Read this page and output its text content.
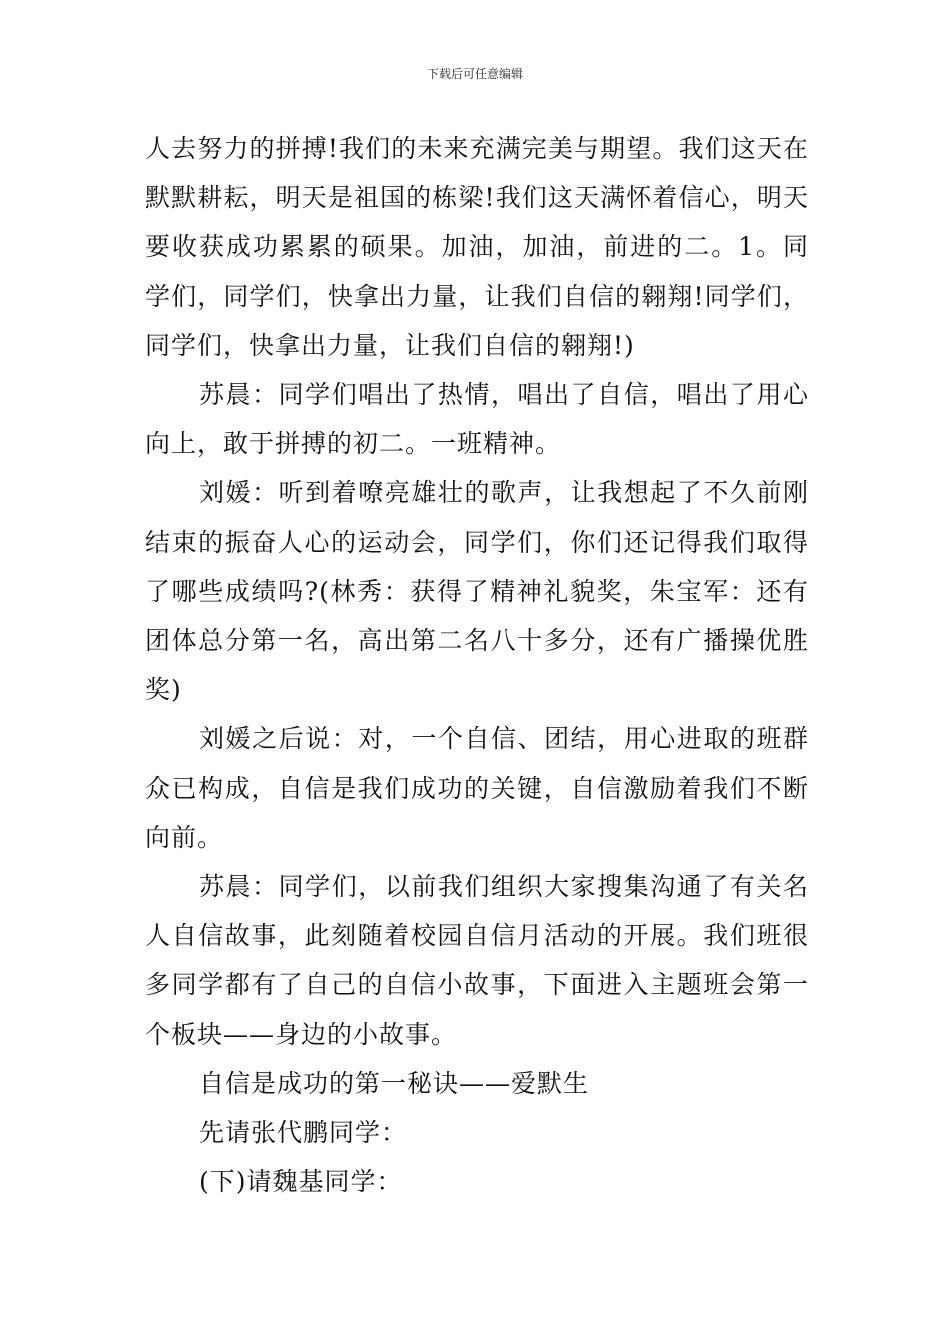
下载后可任意编辑

人去努力的拼搏!我们的未来充满完美与期望。我们这天在默默耕耘，明天是祖国的栋梁!我们这天满怀着信心，明天要收获成功累累的硕果。加油，加油，前进的二。1。同学们，同学们，快拿出力量，让我们自信的翱翔!同学们，同学们，快拿出力量，让我们自信的翱翔!)

苏晨：同学们唱出了热情，唱出了自信，唱出了用心向上，敢于拼搏的初二。一班精神。

刘媛：听到着嘹亮雄壮的歌声，让我想起了不久前刚结束的振奋人心的运动会，同学们，你们还记得我们取得了哪些成绩吗?(林秀：获得了精神礼貌奖，朱宝军：还有团体总分第一名，高出第二名八十多分，还有广播操优胜奖)

刘媛之后说：对，一个自信、团结，用心进取的班群众已构成，自信是我们成功的关键，自信激励着我们不断向前。

苏晨：同学们，以前我们组织大家搜集沟通了有关名人自信故事，此刻随着校园自信月活动的开展。我们班很多同学都有了自己的自信小故事，下面进入主题班会第一个板块——身边的小故事。

自信是成功的第一秘诀——爱默生

先请张代鹏同学：

(下)请魏基同学：
